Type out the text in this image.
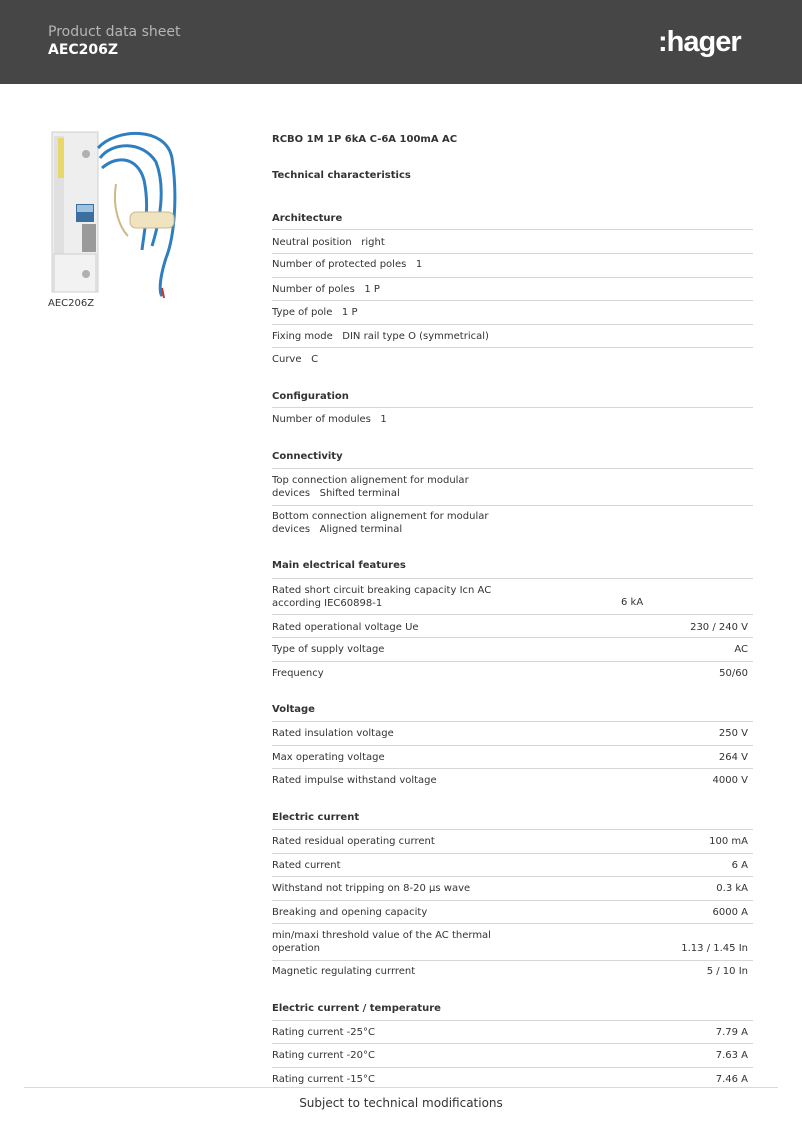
Product data sheet
AEC206Z	:hager
AEC206Z
RCBO 1M 1P 6kA C-6A 100mA AC
Technical characteristics
Architecture
Neutral position right
Number of protected poles 1
Number of poles 1 P
Type of pole 1 P
Fixing mode DIN rail type O (symmetrical)
Curve C
Configuration
Number of modules 1
Connectivity
Top connection alignement for modular
devices Shifted terminal
Bottom connection alignement for modular
devices Aligned terminal
Main electrical features
Rated short circuit breaking capacity Icn AC
according IEC60898-1	6 kA
Rated operational voltage Ue	230 / 240 V
Type of supply voltage	AC
Frequency	50/60
Voltage
Rated insulation voltage	250 V
Max operating voltage	264 V
Rated impulse withstand voltage	4000 V
Electric current
Rated residual operating current	100 mA
Rated current	6 A
Withstand not tripping on 8-20 µs wave	0.3 kA
Breaking and opening capacity	6000 A
min/maxi threshold value of the AC thermal
operation	1.13 / 1.45 In
Magnetic regulating currrent	5 / 10 In
Electric current / temperature
Rating current -25°C	7.79 A
Rating current -20°C	7.63 A
Rating current -15°C	7.46 A
Subject to technical modifications
